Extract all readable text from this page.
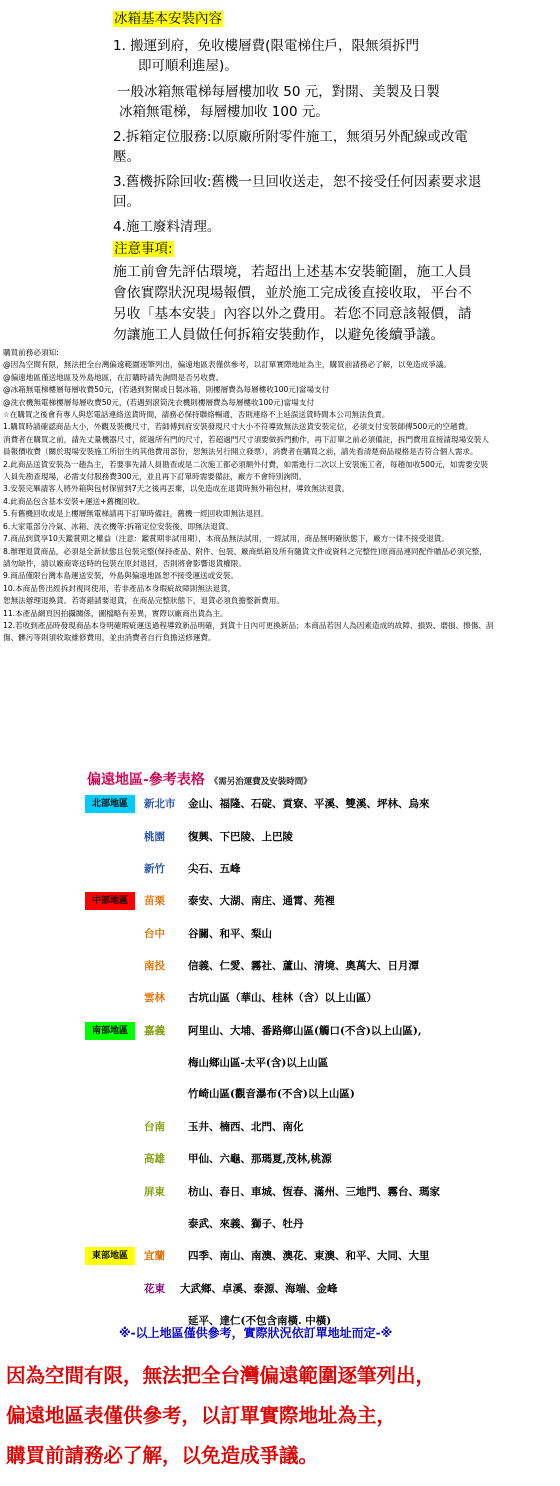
冰箱基本安裝內容
1. 搬運到府，免收樓層費(限電梯住戶，限無須拆門
即可順利進屋)。
一般冰箱無電梯每層樓加收 50 元，對開、美製及日製
冰箱無電梯，每層樓加收 100 元。
2.拆箱定位服務:以原廠所附零件施工，無須另外配線或改電壓。
3.舊機拆除回收:舊機一旦回收送走，恕不接受任何因素要求退回。
4.施工廢料清理。
注意事項:
施工前會先評估環境，若超出上述基本安裝範圍，施工人員會依實際狀況現場報價，並於施工完成後直接收取，平台不另收「基本安裝」內容以外之費用。若您不同意該報價，請勿讓施工人員做任何拆箱安裝動作，以避免後續爭議。
購買前務必須知:
@因為空間有限，無法把全台灣偏遠範圍逐筆列出，偏遠地區表僅供參考，以訂單實際地址為主，購買前請務必了解，以免造成爭議。
@偏遠地區僅送地區及外島地區，在訂購時請先詢問是否另收費。
@冰箱無電梯樓層每層收費50元，(若遇到對開或日製冰箱，則樓層費為每層樓收100元)當場支付
@洗衣機無電梯樓層每層收費50元，(若遇到滾筒洗衣機則樓層費為每層樓收100元)當場支付
☆在購買之後會有專人與您電話連絡送貨時間，請務必保持聯絡暢通，否則連絡不上延誤送貨時間本公司無法負責。
1.購買時請確認商品大小，外觀及裝機尺寸，若師傅到府安裝發現尺寸大小不符導致無法送貨安裝定位，必須支付安裝師傅500元的空趟費。
消費者在購買之前，請先丈量機器尺寸，經過所有門的尺寸，若超過門尺寸須要做拆門動作，再下訂單之前必須備註，拆門費用直接請現場安裝人
員報價收費（關於現場安裝施工所衍生的其他費用部份，恕無法另行開立發票），消費者在購買之前，請先看清楚商品規格是否符合個人需求。
2.此商品送貨安裝為一趟為主，若要事先請人員勘查或是二次施工都必須額外付費，如需進行二次以上安裝施工者，每趟加收500元，如需要安裝
人員先勘查現場，必需支付服務費300元，並且再下訂單時需要備註，廠方不會特別詢問。
3.安裝完畢請客人將外箱與包材保留到7天之後再丟棄，以免造成在退貨時無外箱包材，導致無法退貨。
4.此商品包含基本安裝+運送+舊機回收。
5.有舊機回收或是上樓層無電梯請再下訂單時備註，舊機一經回收即無法退回。
6.大家電部分冷氣、冰箱、洗衣機等:拆箱定位安裝後，即無法退貨。
7.商品到貨享10天鑑賞期之權益（注意：鑑賞期非試用期），本商品無法試用，一經試用，商品無明確狀態下，廠方一律不接受退貨。
8.辦理退貨商品，必須是全新狀態且包裝完整(保持產品、附件、包裝、廠商紙箱及所有隨貨文件或資料之完整性)原商品連同配件贈品必須完整，
請勿缺件，請以廠商寄送時的包裝在原封退回，否則將會影響退貨權限。
9.商品僅限台灣本島運送安裝，外島與偏遠地區恕不接受運送或安裝。
10.本商品售出經拆封視同使用，若非產品本身瑕疵故障則無法退貨，
恕無法辦理退換貨。若寄錯請要退貨，在商品完整狀態下，退貨必須負擔整新費用。
11.本產品網頁因拍攝關係，圖檔略有差異，實際以廠商出貨為主。
12.若收到產品時發現商品本身明確瑕疵運送過程導致新品明確，到貨十日內可更換新品；本商品若因人為因素造成的故障、損毀、磨損、擦傷、刮
傷、髒污等則須收取維修費用，並由消費者自行負擔送修運費。
偏遠地區-參考表格 《需另治運費及安裝時間》
北部地區	新北市 金山、福隆、石碇、貢寮、平溪、雙溪、坪林、烏來
桃園 復興、下巴陵、上巴陵
新竹 尖石、五峰
中部地區	苗栗 泰安、大湖、南庄、通霄、苑裡
台中 谷關、和平、梨山
南投 信義、仁愛、霧社、蘆山、清境、奧萬大、日月潭
雲林 古坑山區（華山、桂林（含）以上山區）
南部地區	嘉義 阿里山、大埔、番路鄉山區(觸口(不含)以上山區),
梅山鄉山區-太平(含)以上山區
竹崎山區(觀音瀑布(不含)以上山區)
台南 玉井、楠西、北門、南化
高雄 甲仙、六龜、那瑪夏,茂林,桃源
屏東 枋山、春日、車城、恆春、滿州、三地門、霧台、瑪家
泰武、來義、獅子、牡丹
東部地區	宜蘭 四季、南山、南澳、澳花、東澳、和平、大同、大里
花東 大武鄉、卓溪、泰源、海端、金峰
延平、達仁(不包含南橫. 中橫)
※-以上地區僅供參考，實際狀況依訂單地址而定-※
因為空間有限，無法把全台灣偏遠範圍逐筆列出，
偏遠地區表僅供參考，以訂單實際地址為主，
購買前請務必了解，以免造成爭議。
